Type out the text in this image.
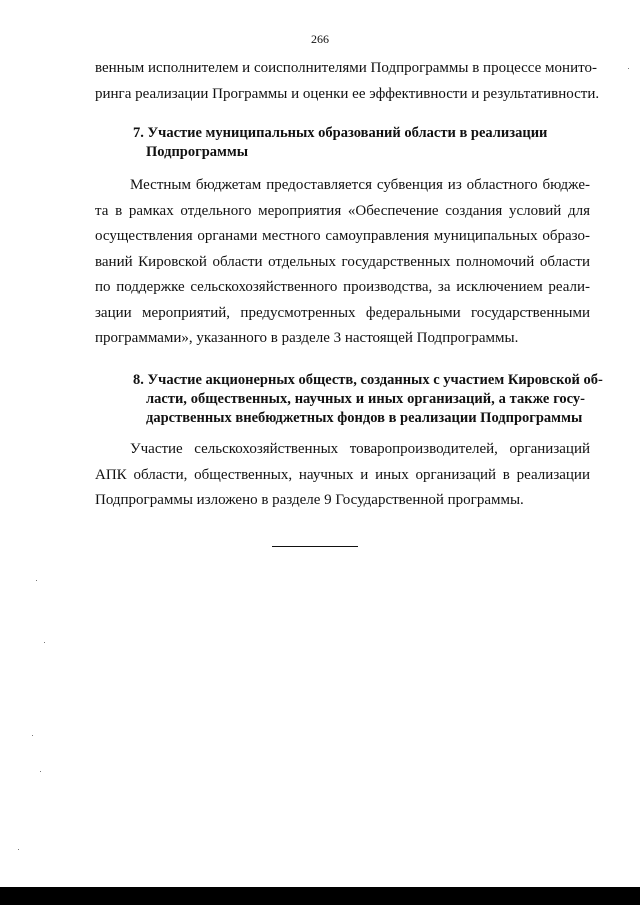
266
венным исполнителем и соисполнителями Подпрограммы в процессе монито-
ринга реализации Программы и оценки ее эффективности и результативности.
7. Участие муниципальных образований области в реализации
Подпрограммы
Местным бюджетам предоставляется субвенция из областного бюдже-
та в рамках отдельного мероприятия «Обеспечение создания условий для
осуществления органами местного самоуправления муниципальных образо-
ваний Кировской области отдельных государственных полномочий области
по поддержке сельскохозяйственного производства, за исключением реали-
зации мероприятий, предусмотренных федеральными государственными
программами», указанного в разделе 3 настоящей Подпрограммы.
8. Участие акционерных обществ, созданных с участием Кировской об-
ласти, общественных, научных и иных организаций, а также госу-
дарственных внебюджетных фондов в реализации Подпрограммы
Участие сельскохозяйственных товаропроизводителей, организаций
АПК области, общественных, научных и иных организаций в реализации
Подпрограммы изложено в разделе 9 Государственной программы.
